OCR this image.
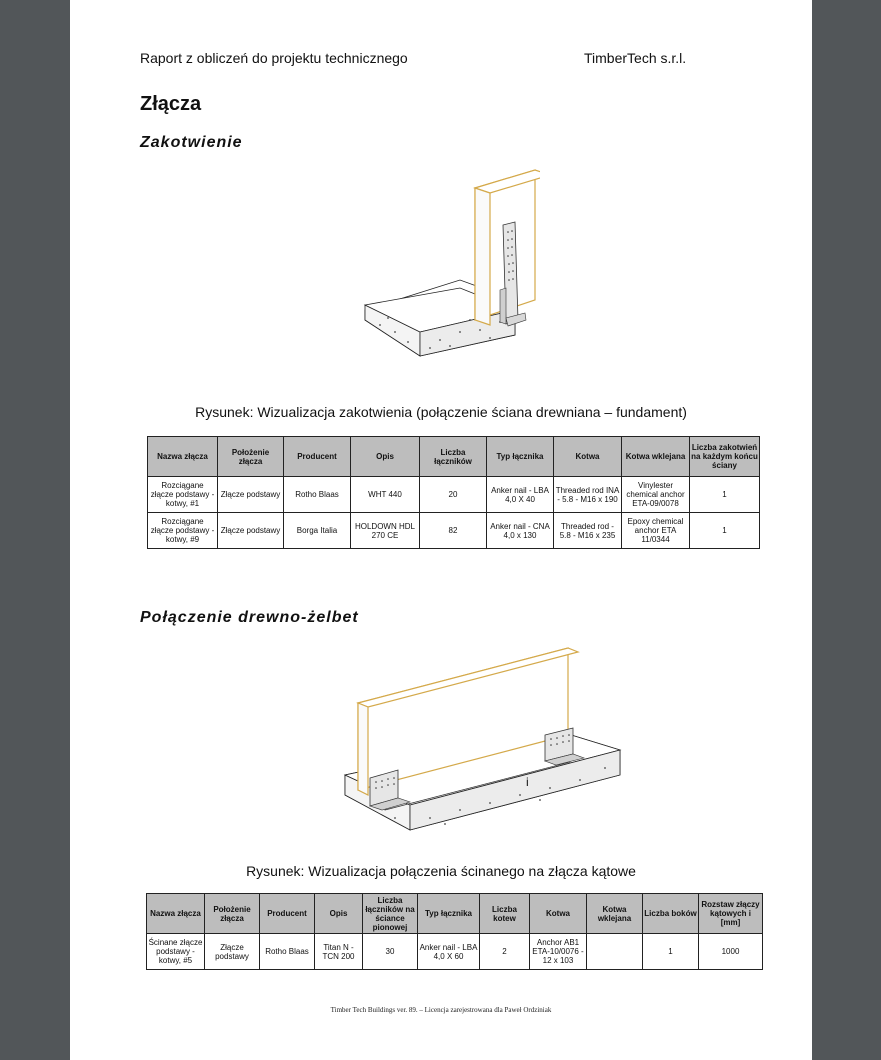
Raport z obliczeń do projektu technicznego	TimberTech s.r.l.
Złącza
Zakotwienie
Rysunek: Wizualizacja zakotwienia (połączenie ściana drewniana – fundament)
Nazwa złącza	Położenie złącza	Producent	Opis	Liczba łączników	Typ łącznika	Kotwa	Kotwa wklejana	Liczba zakotwień na każdym końcu ściany
Rozciągane złącze podstawy - kotwy, #1	Złącze podstawy	Rotho Blaas	WHT 440	20	Anker nail - LBA 4,0 X 40	Threaded rod INA - 5.8 - M16 x 190	Vinylester chemical anchor ETA-09/0078	1
Rozciągane złącze podstawy - kotwy, #9	Złącze podstawy	Borga Italia	HOLDOWN HDL 270 CE	82	Anker nail - CNA 4,0 x 130	Threaded rod - 5.8 - M16 x 235	Epoxy chemical anchor ETA 11/0344	1
Połączenie drewno-żelbet
i
Rysunek: Wizualizacja połączenia ścinanego na złącza kątowe
Nazwa złącza	Położenie złącza	Producent	Opis	Liczba łączników na ściance pionowej	Typ łącznika	Liczba kotew	Kotwa	Kotwa wklejana	Liczba boków	Rozstaw złączy kątowych i [mm]
Ścinane złącze podstawy - kotwy, #5	Złącze podstawy	Rotho Blaas	Titan N - TCN 200	30	Anker nail - LBA 4,0 X 60	2	Anchor AB1 ETA-10/0076 - 12 x 103		1	1000
Timber Tech Buildings ver. 89. – Licencja zarejestrowana dla Paweł Ordziniak
